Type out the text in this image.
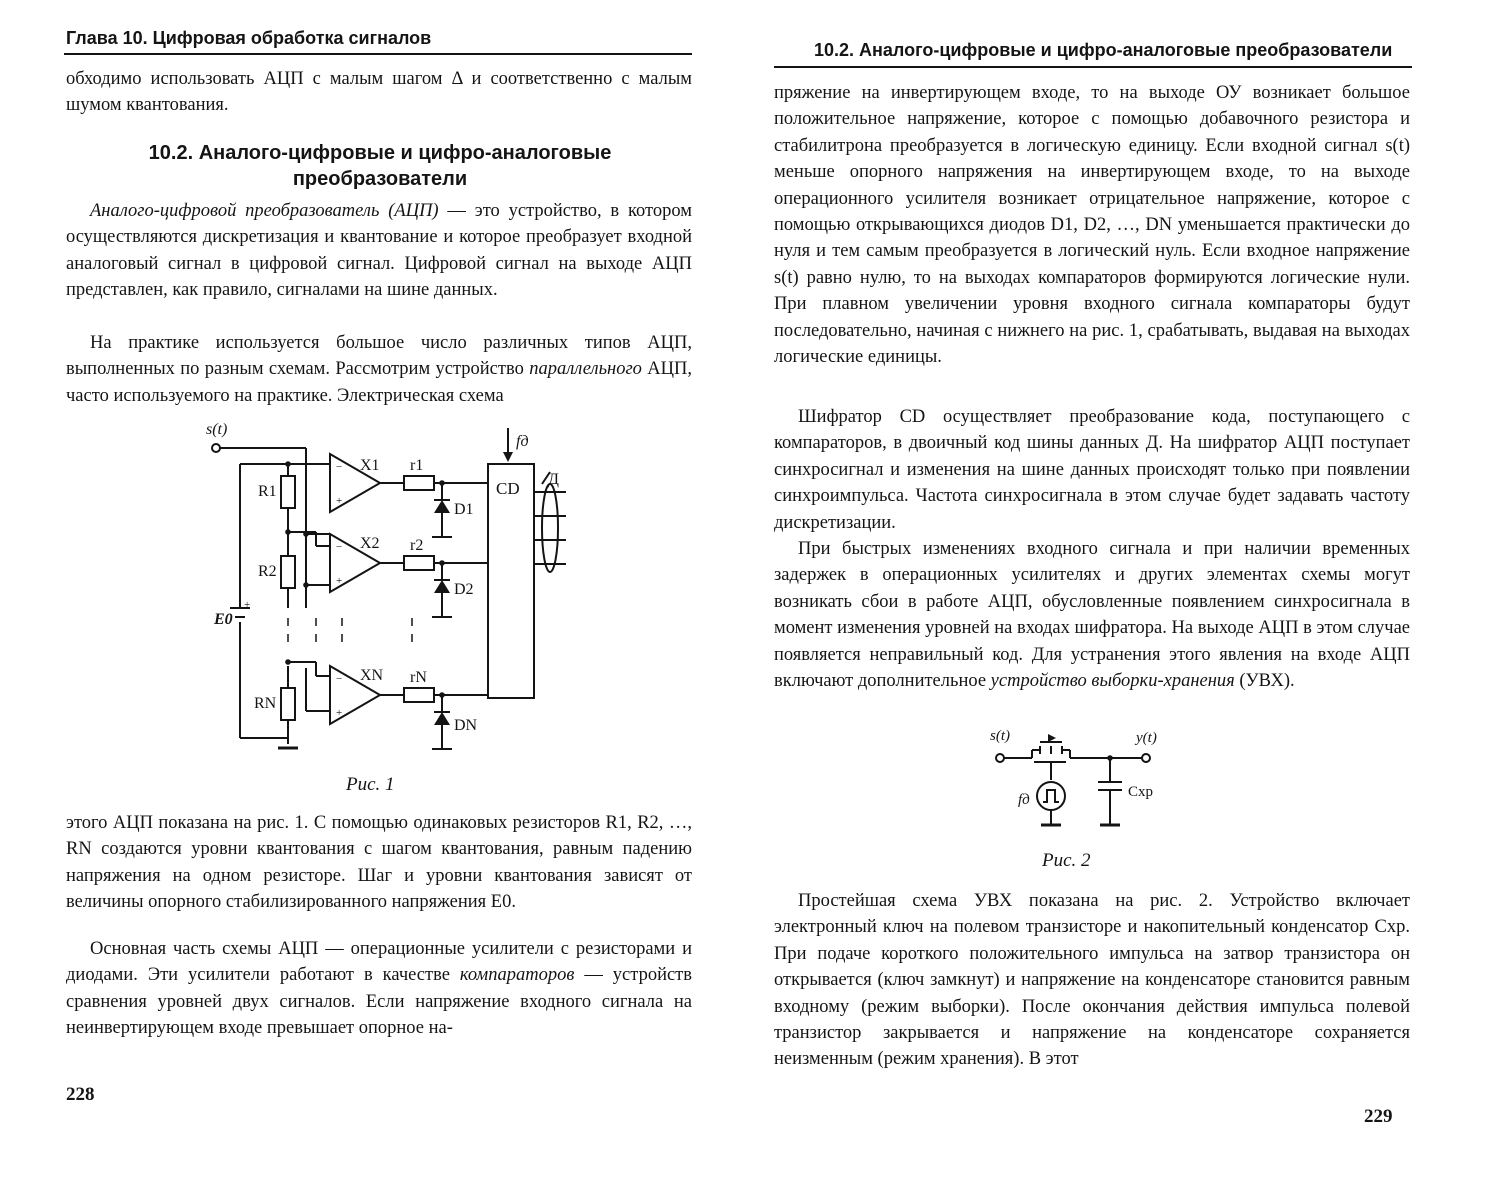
Глава 10. Цифровая обработка сигналов

обходимо использовать АЦП с малым шагом Δ и соответственно с малым шумом квантования.

10.2. Аналого-цифровые и цифро-аналоговые преобразователи

Аналого-цифровой преобразователь (АЦП) — это устройство, в котором осуществляются дискретизация и квантование и которое преобразует входной аналоговый сигнал в цифровой сигнал. Цифровой сигнал на выходе АЦП представлен, как правило, сигналами на шине данных.

На практике используется большое число различных типов АЦП, выполненных по разным схемам. Рассмотрим устройство параллельного АЦП, часто используемого на практике. Электрическая схема

s(t)
fд
E0
R1
R2
RN
X1
X2
XN
r1
r2
rN
D1
D2
DN
CD Д
−
+
−
+
−
+
+
Рис. 1

этого АЦП показана на рис. 1. С помощью одинаковых резисторов R1, R2, …, RN создаются уровни квантования с шагом квантования, равным падению напряжения на одном резисторе. Шаг и уровни квантования зависят от величины опорного стабилизированного напряжения E0.

Основная часть схемы АЦП — операционные усилители с резисторами и диодами. Эти усилители работают в качестве компараторов — устройств сравнения уровней двух сигналов. Если напряжение входного сигнала на неинвертирующем входе превышает опорное на-

228
10.2. Аналого-цифровые и цифро-аналоговые преобразователи

пряжение на инвертирующем входе, то на выходе ОУ возникает большое положительное напряжение, которое с помощью добавочного резистора и стабилитрона преобразуется в логическую единицу. Если входной сигнал s(t) меньше опорного напряжения на инвертирующем входе, то на выходе операционного усилителя возникает отрицательное напряжение, которое с помощью открывающихся диодов D1, D2, …, DN уменьшается практически до нуля и тем самым преобразуется в логический нуль. Если входное напряжение s(t) равно нулю, то на выходах компараторов формируются логические нули. При плавном увеличении уровня входного сигнала компараторы будут последовательно, начиная с нижнего на рис. 1, срабатывать, выдавая на выходах логические единицы.

Шифратор CD осуществляет преобразование кода, поступающего с компараторов, в двоичный код шины данных Д. На шифратор АЦП поступает синхросигнал и изменения на шине данных происходят только при появлении синхроимпульса. Частота синхросигнала в этом случае будет задавать частоту дискретизации.

При быстрых изменениях входного сигнала и при наличии временных задержек в операционных усилителях и других элементах схемы могут возникать сбои в работе АЦП, обусловленные появлением синхросигнала в момент изменения уровней на входах шифратора. На выходе АЦП в этом случае появляется неправильный код. Для устранения этого явления на входе АЦП включают дополнительное устройство выборки-хранения (УВХ).

s(t)	y(t)
fд	Cхр
Рис. 2

Простейшая схема УВХ показана на рис. 2. Устройство включает электронный ключ на полевом транзисторе и накопительный конденсатор Cхр. При подаче короткого положительного импульса на затвор транзистора он открывается (ключ замкнут) и напряжение на конденсаторе становится равным входному (режим выборки). После окончания действия импульса полевой транзистор закрывается и напряжение на конденсаторе сохраняется неизменным (режим хранения). В этот

229
